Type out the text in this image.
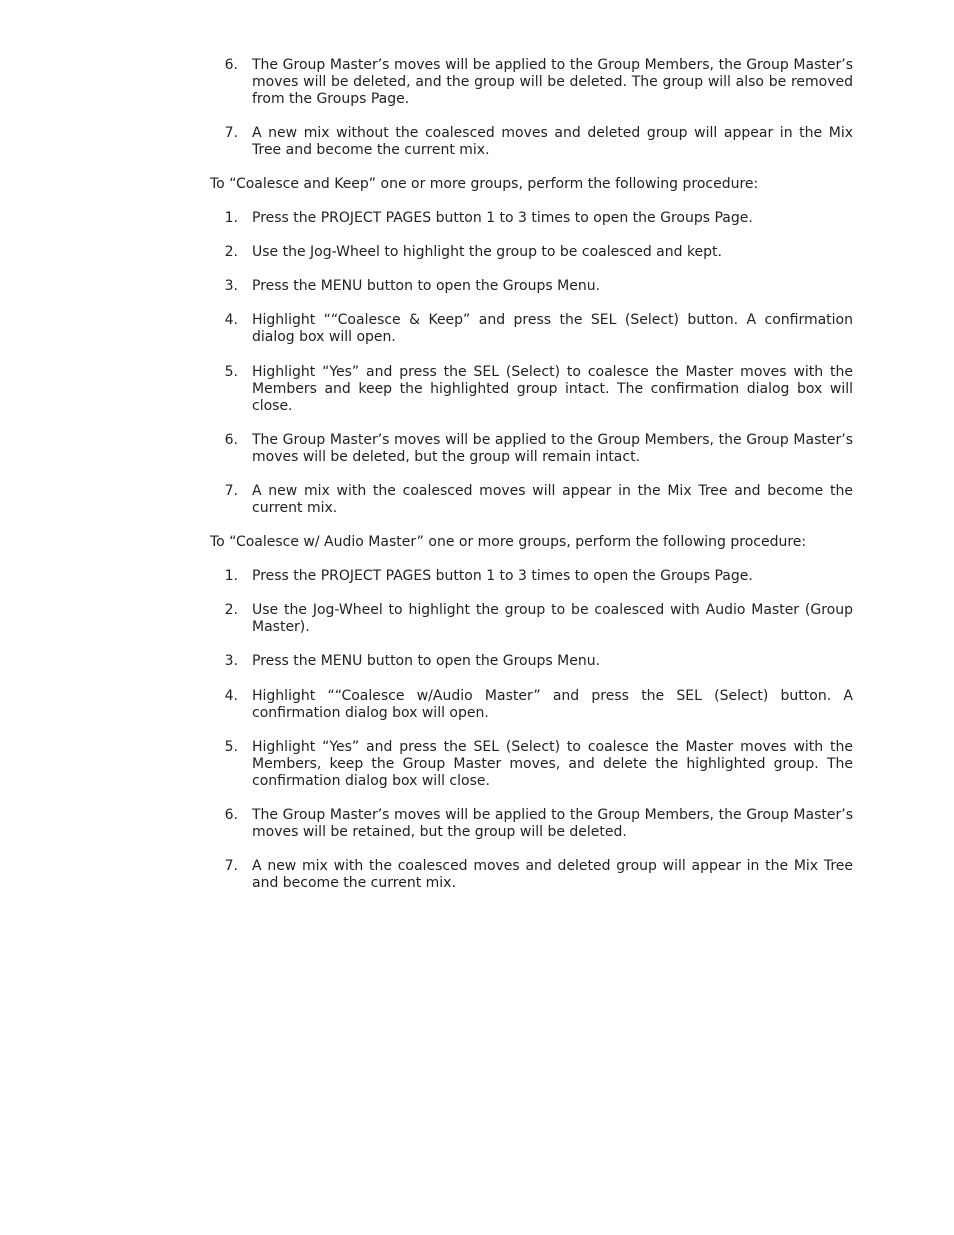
6. The Group Master’s moves will be applied to the Group Members, the Group Master’s moves will be deleted, and the group will be deleted. The group will also be removed from the Groups Page.
7. A new mix without the coalesced moves and deleted group will appear in the Mix Tree and become the current mix.
To “Coalesce and Keep” one or more groups, perform the following procedure:
1. Press the PROJECT PAGES button 1 to 3 times to open the Groups Page.
2. Use the Jog-Wheel to highlight the group to be coalesced and kept.
3. Press the MENU button to open the Groups Menu.
4. Highlight ““Coalesce & Keep” and press the SEL (Select) button. A confirmation dialog box will open.
5. Highlight “Yes” and press the SEL (Select) to coalesce the Master moves with the Members and keep the highlighted group intact. The confirmation dialog box will close.
6. The Group Master’s moves will be applied to the Group Members, the Group Master’s moves will be deleted, but the group will remain intact.
7. A new mix with the coalesced moves will appear in the Mix Tree and become the current mix.
To “Coalesce w/ Audio Master” one or more groups, perform the following procedure:
1. Press the PROJECT PAGES button 1 to 3 times to open the Groups Page.
2. Use the Jog-Wheel to highlight the group to be coalesced with Audio Master (Group Master).
3. Press the MENU button to open the Groups Menu.
4. Highlight ““Coalesce w/Audio Master” and press the SEL (Select) button. A confirmation dialog box will open.
5. Highlight “Yes” and press the SEL (Select) to coalesce the Master moves with the Members, keep the Group Master moves, and delete the highlighted group. The confirmation dialog box will close.
6. The Group Master’s moves will be applied to the Group Members, the Group Master’s moves will be retained, but the group will be deleted.
7. A new mix with the coalesced moves and deleted group will appear in the Mix Tree and become the current mix.
